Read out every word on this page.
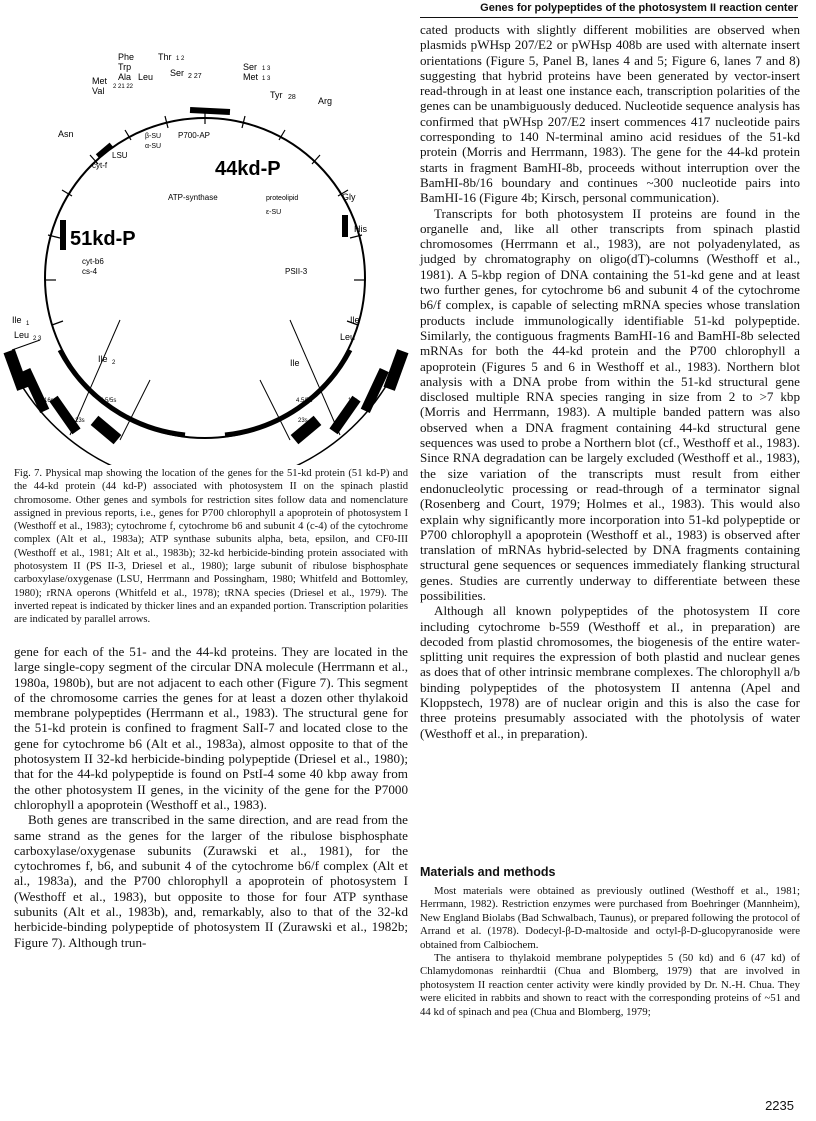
Genes for polypeptides of the photosystem II reaction center
44kd-P
51kd-P
Phe	Thr 1 2
Trp
Ala Leu Ser 2 27
Met
2 21 22
Val
Ser 1 3
Met 1 3
Tyr 28 Arg
Asn
cyt-f
LSU
β-SU
α-SU
P700-AP
ATP-synthase	proteolipid
ε-SU
Gly
His
cyt-b6
cs-4	PSII-3
Ile 1
Leu 2 3
Ile
Leu
Ile 2	Ile
16s
23s
4.5/5s	4.5/5s
23s
16s
Fig. 7. Physical map showing the location of the genes for the 51-kd protein (51 kd-P) and the 44-kd protein (44 kd-P) associated with photosystem II on the spinach plastid chromosome. Other genes and symbols for restriction sites follow data and nomenclature assigned in previous reports, i.e., genes for P700 chlorophyll a apoprotein of photosystem I (Westhoff et al., 1983); cytochrome f, cytochrome b6 and subunit 4 (c-4) of the cytochrome complex (Alt et al., 1983a); ATP synthase subunits alpha, beta, epsilon, and CF0-III (Westhoff et al., 1981; Alt et al., 1983b); 32-kd herbicide-binding protein associated with photosystem II (PS II-3, Driesel et al., 1980); large subunit of ribulose bisphosphate carboxylase/oxygenase (LSU, Herrmann and Possingham, 1980; Whitfeld and Bottomley, 1980); rRNA operons (Whitfeld et al., 1978); tRNA species (Driesel et al., 1979). The inverted repeat is indicated by thicker lines and an expanded portion. Transcription polarities are indicated by parallel arrows.

gene for each of the 51- and the 44-kd proteins. They are located in the large single-copy segment of the circular DNA molecule (Herrmann et al., 1980a, 1980b), but are not adjacent to each other (Figure 7). This segment of the chromosome carries the genes for at least a dozen other thylakoid membrane polypeptides (Herrmann et al., 1983). The structural gene for the 51-kd protein is confined to fragment SalI-7 and located close to the gene for cytochrome b6 (Alt et al., 1983a), almost opposite to that of the photosystem II 32-kd herbicide-binding polypeptide (Driesel et al., 1980); that for the 44-kd polypeptide is found on PstI-4 some 40 kbp away from the other photosystem II genes, in the vicinity of the gene for the P7000 chlorophyll a apoprotein (Westhoff et al., 1983).

Both genes are transcribed in the same direction, and are read from the same strand as the genes for the larger of the ribulose bisphosphate carboxylase/oxygenase subunits (Zurawski et al., 1981), for the cytochromes f, b6, and subunit 4 of the cytochrome b6/f complex (Alt et al., 1983a), and the P700 chlorophyll a apoprotein of photosystem I (Westhoff et al., 1983), but opposite to those for four ATP synthase subunits (Alt et al., 1983b), and, remarkably, also to that of the 32-kd herbicide-binding polypeptide of photosystem II (Zurawski et al., 1982b; Figure 7). Although trun-

cated products with slightly different mobilities are observed when plasmids pWHsp 207/E2 or pWHsp 408b are used with alternate insert orientations (Figure 5, Panel B, lanes 4 and 5; Figure 6, lanes 7 and 8) suggesting that hybrid proteins have been generated by vector-insert read-through in at least one instance each, transcription polarities of the genes can be unambiguously deduced. Nucleotide sequence analysis has confirmed that pWHsp 207/E2 insert commences 417 nucleotide pairs corresponding to 140 N-terminal amino acid residues of the 51-kd protein (Morris and Herrmann, 1983). The gene for the 44-kd protein starts in fragment BamHI-8b, proceeds without interruption over the BamHI-8b/16 boundary and continues ~300 nucleotide pairs into BamHI-16 (Figure 4b; Kirsch, personal communication).

Transcripts for both photosystem II proteins are found in the organelle and, like all other transcripts from spinach plastid chromosomes (Herrmann et al., 1983), are not polyadenylated, as judged by chromatography on oligo(dT)-columns (Westhoff et al., 1981). A 5-kbp region of DNA containing the 51-kd gene and at least two further genes, for cytochrome b6 and subunit 4 of the cytochrome b6/f complex, is capable of selecting mRNA species whose translation products include immunologically identifiable 51-kd polypeptide. Similarly, the contiguous fragments BamHI-16 and BamHI-8b selected mRNAs for both the 44-kd protein and the P700 chlorophyll a apoprotein (Figures 5 and 6 in Westhoff et al., 1983). Northern blot analysis with a DNA probe from within the 51-kd structural gene disclosed multiple RNA species ranging in size from 2 to >7 kbp (Morris and Herrmann, 1983). A multiple banded pattern was also observed when a DNA fragment containing 44-kd structural gene sequences was used to probe a Northern blot (cf., Westhoff et al., 1983). Since RNA degradation can be largely excluded (Westhoff et al., 1983), the size variation of the transcripts must result from either endonucleolytic processing or read-through of a terminator signal (Rosenberg and Court, 1979; Holmes et al., 1983). This would also explain why significantly more incorporation into 51-kd polypeptide or P700 chlorophyll a apoprotein (Westhoff et al., 1983) is observed after translation of mRNAs hybrid-selected by DNA fragments containing structural gene sequences or sequences immediately flanking structural genes. Studies are currently underway to differentiate between these possibilities.

Although all known polypeptides of the photosystem II core including cytochrome b-559 (Westhoff et al., in preparation) are decoded from plastid chromosomes, the biogenesis of the entire water-splitting unit requires the expression of both plastid and nuclear genes as does that of other intrinsic membrane complexes. The chlorophyll a/b binding polypeptides of the photosystem II antenna (Apel and Kloppstech, 1978) are of nuclear origin and this is also the case for three proteins presumably associated with the photolysis of water (Westhoff et al., in preparation).

Materials and methods

Most materials were obtained as previously outlined (Westhoff et al., 1981; Herrmann, 1982). Restriction enzymes were purchased from Boehringer (Mannheim), New England Biolabs (Bad Schwalbach, Taunus), or prepared following the protocol of Arrand et al. (1978). Dodecyl-β-D-maltoside and octyl-β-D-glucopyranoside were obtained from Calbiochem.

The antisera to thylakoid membrane polypeptides 5 (50 kd) and 6 (47 kd) of Chlamydomonas reinhardtii (Chua and Blomberg, 1979) that are involved in photosystem II reaction center activity were kindly provided by Dr. N.-H. Chua. They were elicited in rabbits and shown to react with the corresponding proteins of ~51 and 44 kd of spinach and pea (Chua and Blomberg, 1979;

2235
